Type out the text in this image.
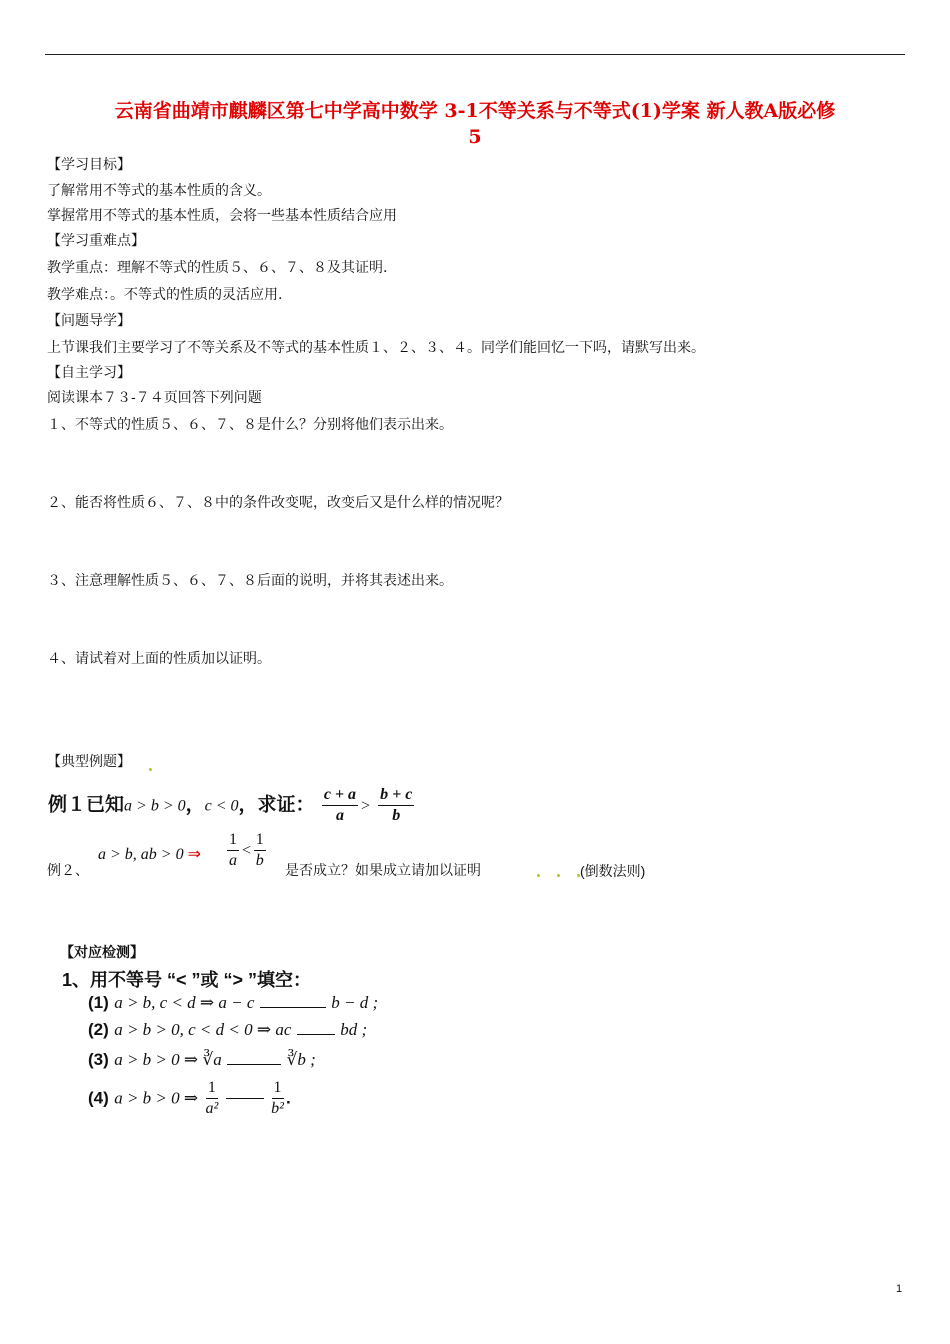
云南省曲靖市麒麟区第七中学高中数学 3-1不等关系与不等式(1)学案 新人教A版必修
5
【学习目标】
了解常用不等式的基本性质的含义。
掌握常用不等式的基本性质，会将一些基本性质结合应用
【学习重难点】
教学重点：理解不等式的性质５、６、７、８及其证明.
教学难点：。不等式的性质的灵活应用.
【问题导学】
上节课我们主要学习了不等关系及不等式的基本性质１、２、３、４。同学们能回忆一下吗，请默写出来。
【自主学习】
阅读课本７３-７４页回答下列问题
１、不等式的性质５、６、７、８是什么？分别将他们表示出来。
２、能否将性质６、７、８中的条件改变呢，改变后又是什么样的情况呢？
３、注意理解性质５、６、７、８后面的说明，并将其表述出来。
４、请试着对上面的性质加以证明。
【典型例题】
例１已知a > b > 0，c < 0，求证： $\frac{c + a}{a} > \frac{b + c}{b}$
a > b, ab > 0 ⇒ $\frac{1}{a} < \frac{1}{b}$
例２、	是否成立？如果成立请加以证明	(倒数法则)
【对应检测】
1、用不等号 “< ”或 “> ”填空：
(1) a > b, c < d ⇒ a − c	b − d ;
(2) a > b > 0, c < d < 0 ⇒ ac	bd ;
(3) a > b > 0 ⇒ ∛a	∛b ;
(4) a > b > 0 ⇒ $\frac{1}{\text{a²}}$
	$\frac{1}{\text{b²}}$ .
1
